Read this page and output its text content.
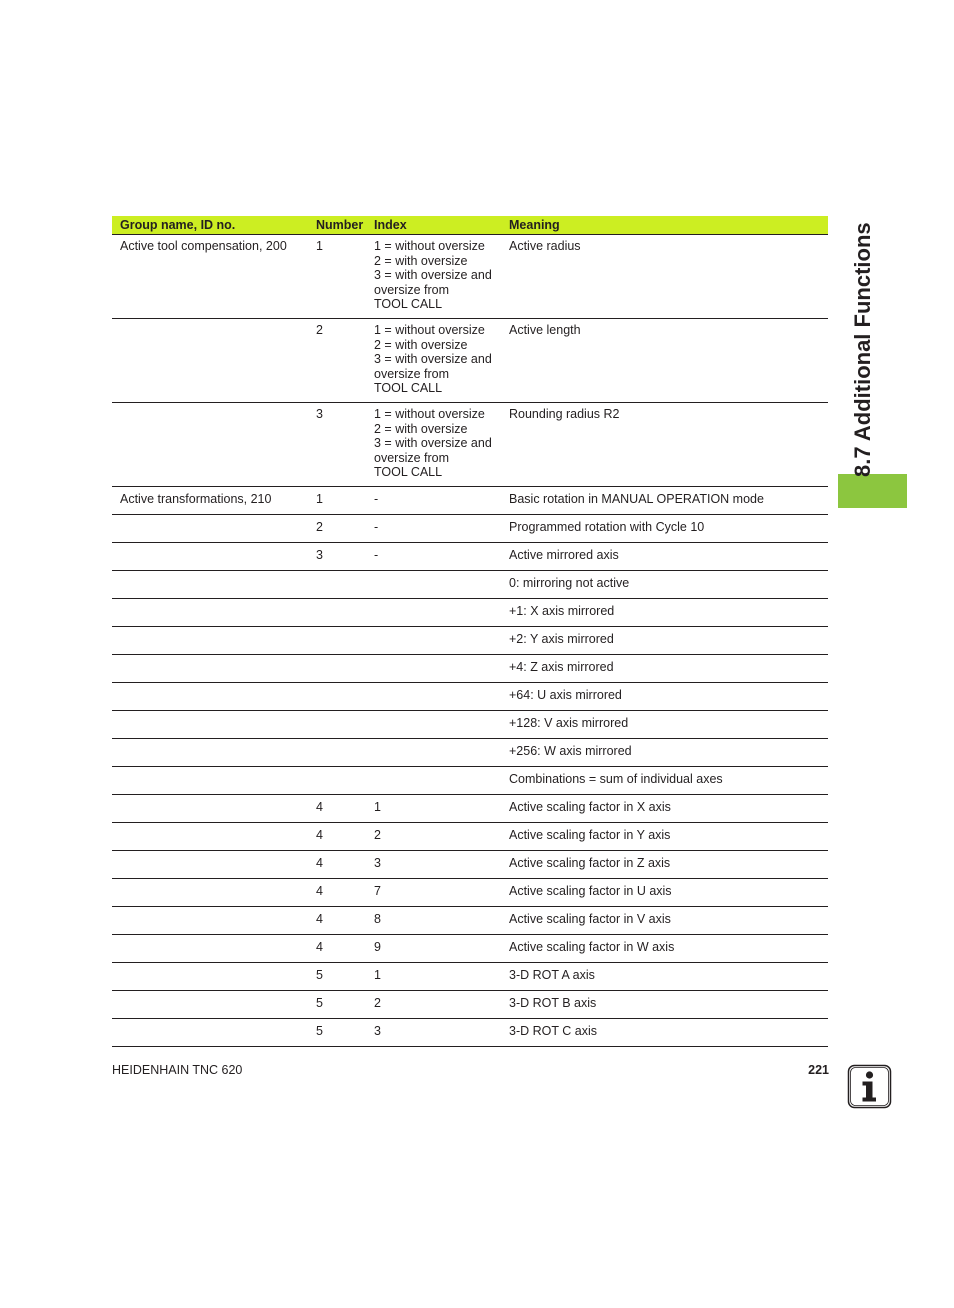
8.7 Additional Functions
Group name, ID no.	Number	Index	Meaning
Active tool compensation, 200	1	1 = without oversize
2 = with oversize
3 = with oversize and
oversize from
TOOL CALL	Active radius
	2	1 = without oversize
2 = with oversize
3 = with oversize and
oversize from
TOOL CALL	Active length
	3	1 = without oversize
2 = with oversize
3 = with oversize and
oversize from
TOOL CALL	Rounding radius R2
Active transformations, 210	1	-	Basic rotation in MANUAL OPERATION mode
	2	-	Programmed rotation with Cycle 10
	3	-	Active mirrored axis
			0: mirroring not active
			+1: X axis mirrored
			+2: Y axis mirrored
			+4: Z axis mirrored
			+64: U axis mirrored
			+128: V axis mirrored
			+256: W axis mirrored
			Combinations = sum of individual axes
	4	1	Active scaling factor in X axis
	4	2	Active scaling factor in Y axis
	4	3	Active scaling factor in Z axis
	4	7	Active scaling factor in U axis
	4	8	Active scaling factor in V axis
	4	9	Active scaling factor in W axis
	5	1	3-D ROT A axis
	5	2	3-D ROT B axis
	5	3	3-D ROT C axis
HEIDENHAIN TNC 620	221
